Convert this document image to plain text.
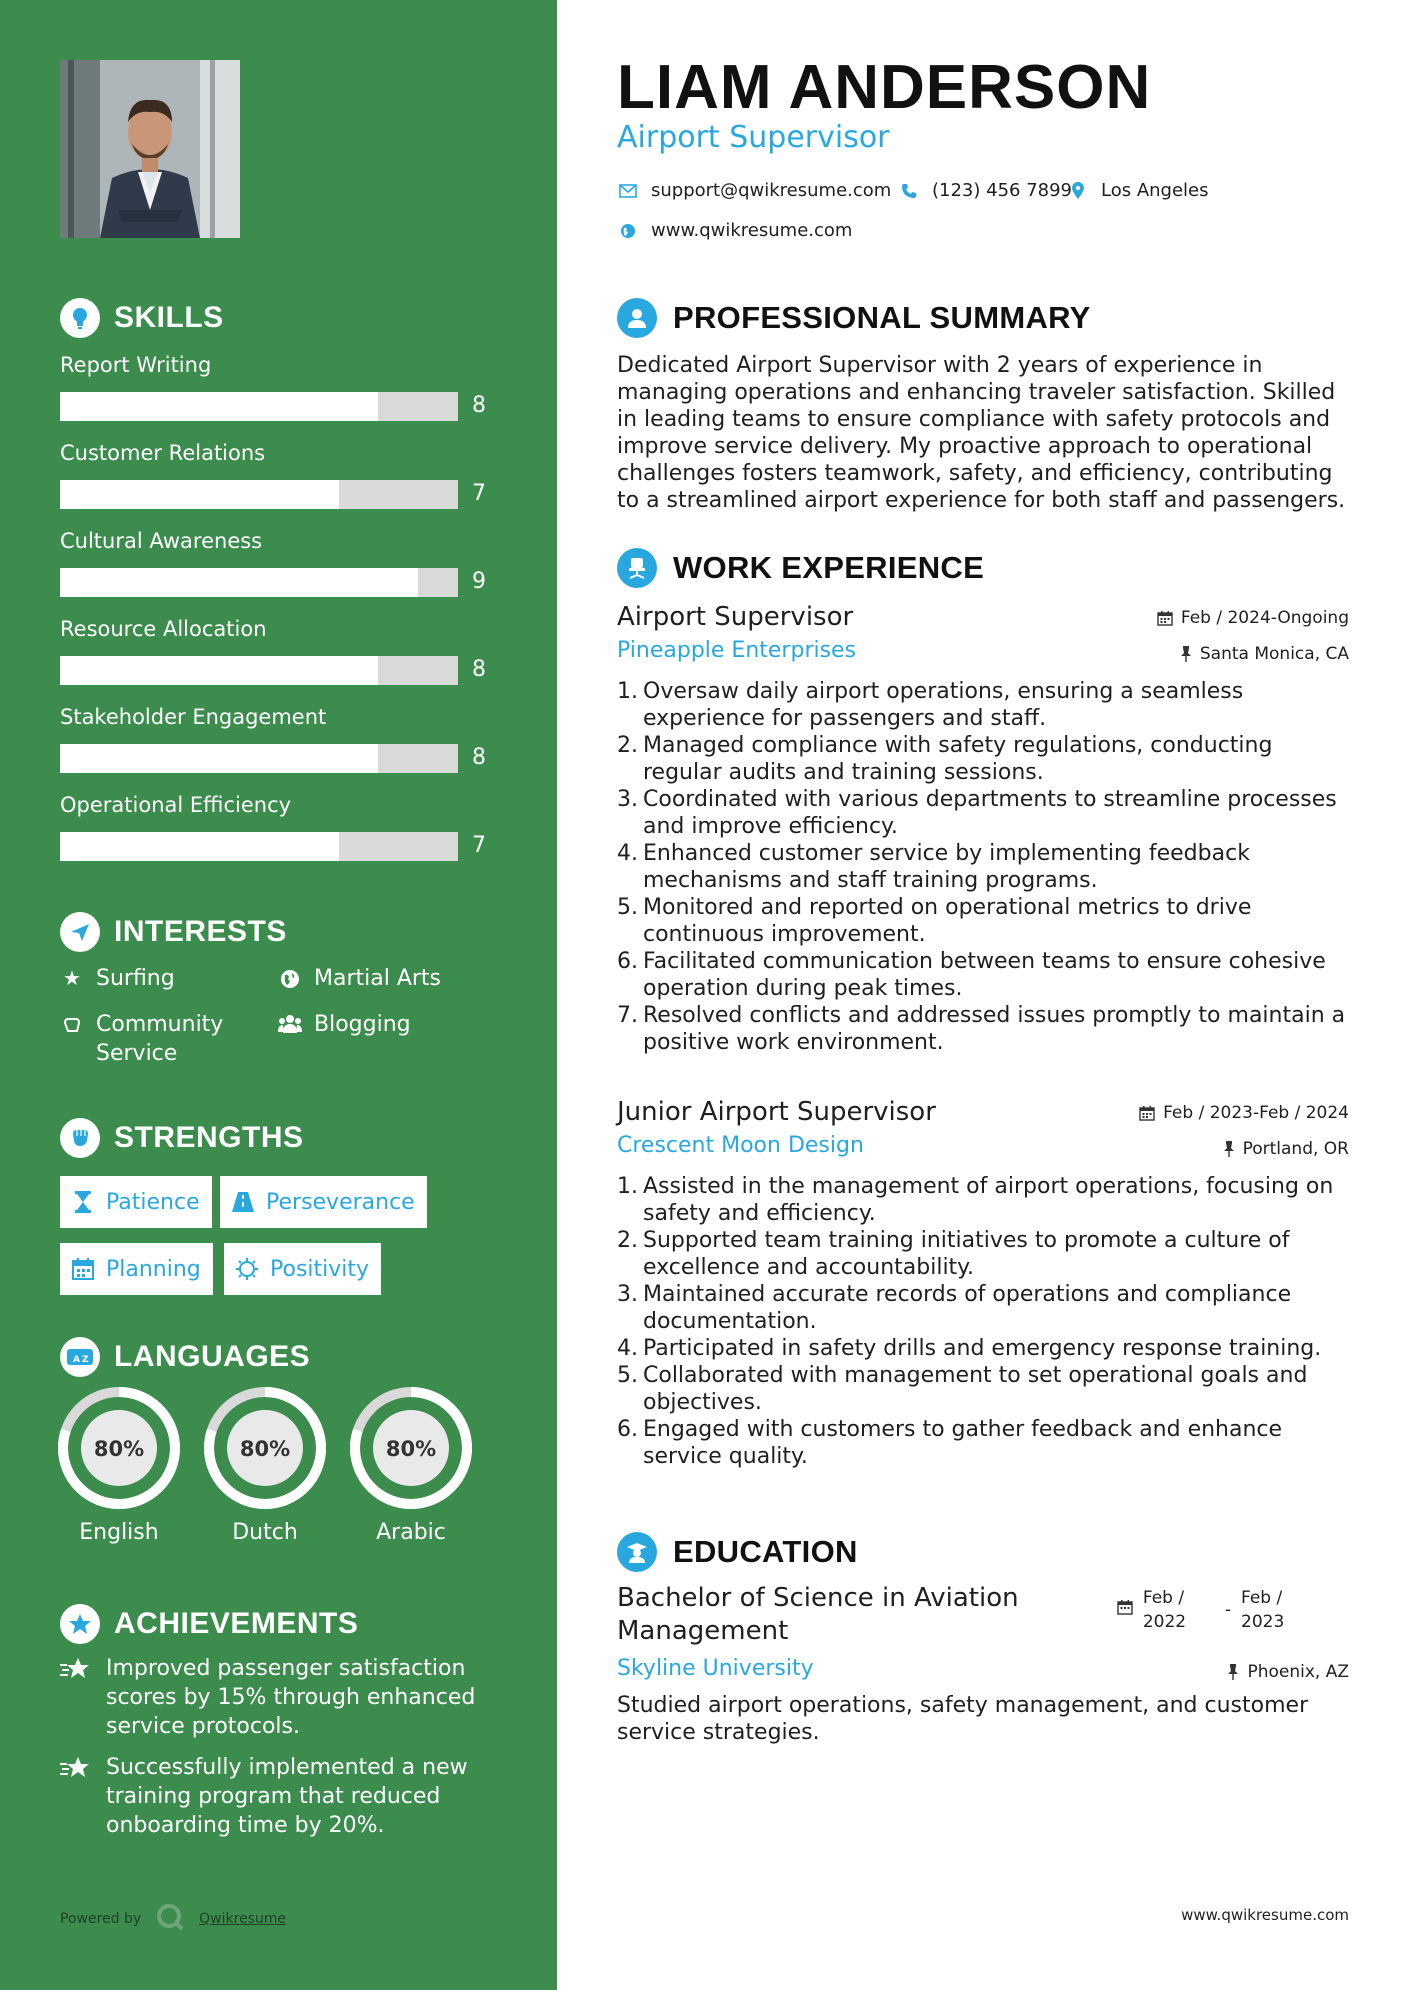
SKILLS
Report Writing
8
Customer Relations
7
Cultural Awareness
9
Resource Allocation
8
Stakeholder Engagement
8
Operational Efficiency
7
INTERESTS
★ Surfing	Martial Arts
Community Service
Blogging
STRENGTHS
Patience	Perseverance
Planning	Positivity
A Z LANGUAGES
80%
English
80%
Dutch
80%
Arabic
ACHIEVEMENTS
Improved passenger satisfaction scores by 15% through enhanced service protocols.
Successfully implemented a new training program that reduced onboarding time by 20%.
Powered by	Qwikresume
LIAM ANDERSON
Airport Supervisor
support@qwikresume.com (123) 456 7899 Los Angeles
www.qwikresume.com
PROFESSIONAL SUMMARY
Dedicated Airport Supervisor with 2 years of experience in managing operations and enhancing traveler satisfaction. Skilled in leading teams to ensure compliance with safety protocols and improve service delivery. My proactive approach to operational challenges fosters teamwork, safety, and efficiency, contributing to a streamlined airport experience for both staff and passengers.
WORK EXPERIENCE
Airport Supervisor
Pineapple Enterprises
Feb / 2024-Ongoing
Santa Monica, CA
1. Oversaw daily airport operations, ensuring a seamless experience for passengers and staff.
2. Managed compliance with safety regulations, conducting regular audits and training sessions.
3. Coordinated with various departments to streamline processes and improve efficiency.
4. Enhanced customer service by implementing feedback mechanisms and staff training programs.
5. Monitored and reported on operational metrics to drive continuous improvement.
6. Facilitated communication between teams to ensure cohesive operation during peak times.
7. Resolved conflicts and addressed issues promptly to maintain a positive work environment.
Junior Airport Supervisor
Crescent Moon Design
Feb / 2023-Feb / 2024
Portland, OR
1. Assisted in the management of airport operations, focusing on safety and efficiency.
2. Supported team training initiatives to promote a culture of excellence and accountability.
3. Maintained accurate records of operations and compliance documentation.
4. Participated in safety drills and emergency response training.
5. Collaborated with management to set operational goals and objectives.
6. Engaged with customers to gather feedback and enhance service quality.
EDUCATION
Bachelor of Science in Aviation Management
Feb / 2022
-
Feb / 2023
Skyline University	Phoenix, AZ
Studied airport operations, safety management, and customer service strategies.
www.qwikresume.com
